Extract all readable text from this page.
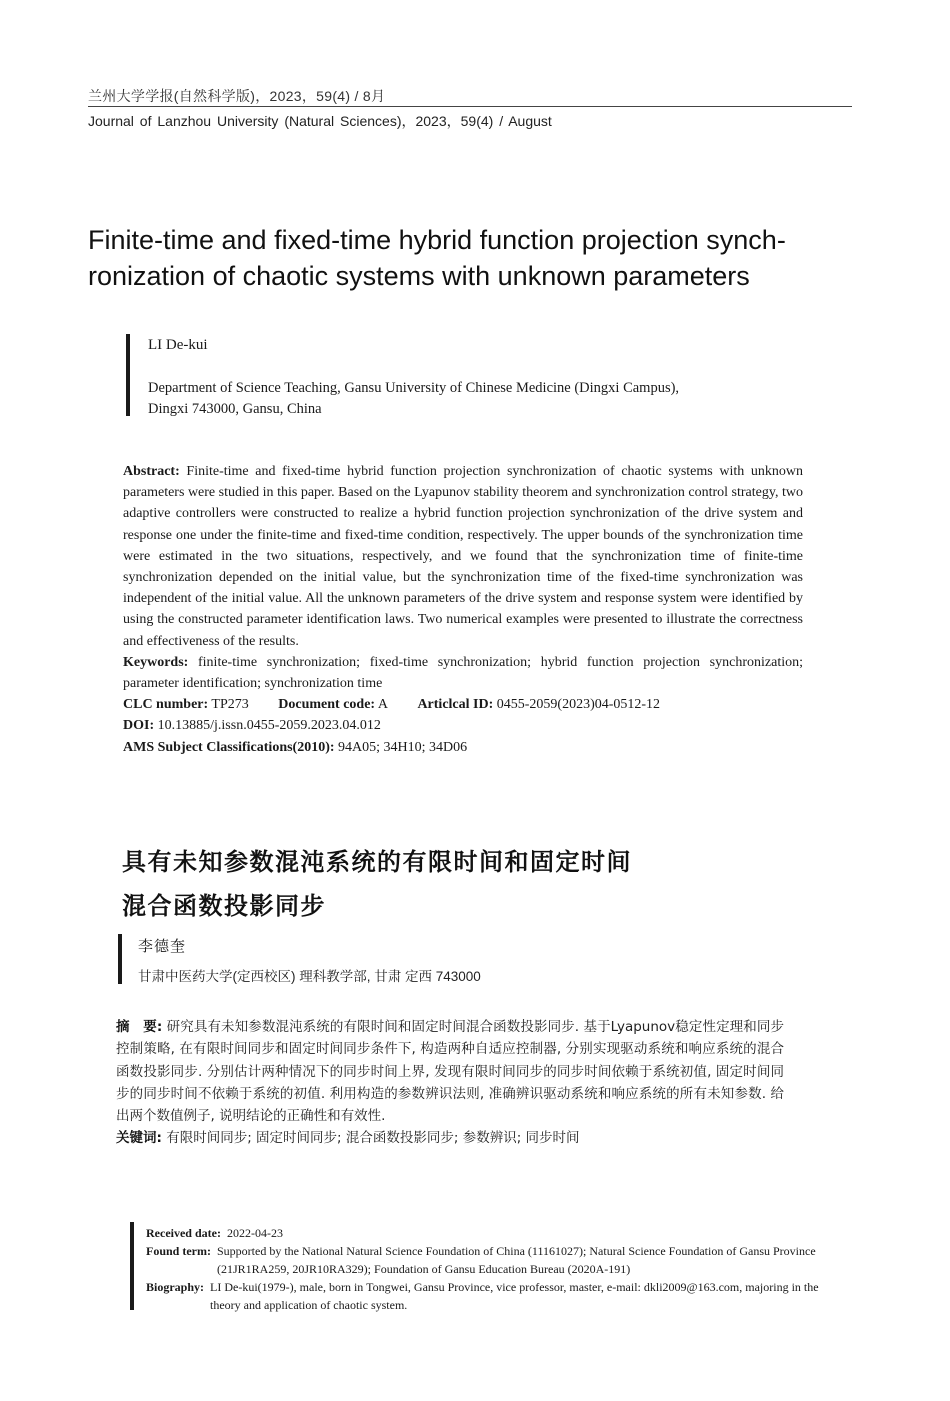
兰州大学学报(自然科学版)，2023，59(4) / 8月
Journal of Lanzhou University (Natural Sciences)，2023，59(4) / August
Finite-time and fixed-time hybrid function projection synch-
ronization of chaotic systems with unknown parameters
LI De-kui
Department of Science Teaching, Gansu University of Chinese Medicine (Dingxi Campus),
Dingxi 743000, Gansu, China

Abstract: Finite-time and fixed-time hybrid function projection synchronization of chaotic systems with unknown parameters were studied in this paper. Based on the Lyapunov stability theorem and synchronization control strategy, two adaptive controllers were constructed to realize a hybrid function projection synchronization of the drive system and response one under the finite-time and fixed-time condition, respectively. The upper bounds of the synchronization time were estimated in the two situations, respectively, and we found that the synchronization time of finite-time synchronization depended on the initial value, but the synchronization time of the fixed-time synchronization was independent of the initial value. All the unknown parameters of the drive system and response system were identified by using the constructed parameter identification laws. Two numerical examples were presented to illustrate the correctness and effectiveness of the results.

Keywords: finite-time synchronization; fixed-time synchronization; hybrid function projection synchronization; parameter identification; synchronization time

CLC number: TP273 Document code: A Articlcal ID: 0455-2059(2023)04-0512-12

DOI: 10.13885/j.issn.0455-2059.2023.04.012

AMS Subject Classifications(2010): 94A05; 34H10; 34D06

具有未知参数混沌系统的有限时间和固定时间
混合函数投影同步
李德奎
甘肃中医药大学(定西校区) 理科教学部, 甘肃 定西 743000

摘　要: 研究具有未知参数混沌系统的有限时间和固定时间混合函数投影同步. 基于Lyapunov稳定性定理和同步控制策略, 在有限时间同步和固定时间同步条件下, 构造两种自适应控制器, 分别实现驱动系统和响应系统的混合函数投影同步. 分别估计两种情况下的同步时间上界, 发现有限时间同步的同步时间依赖于系统初值, 固定时间同步的同步时间不依赖于系统的初值. 利用构造的参数辨识法则, 准确辨识驱动系统和响应系统的所有未知参数. 给出两个数值例子, 说明结论的正确性和有效性.

关键词: 有限时间同步; 固定时间同步; 混合函数投影同步; 参数辨识; 同步时间

Received date: 2022-04-23
Found term: Supported by the National Natural Science Foundation of China (11161027); Natural Science Foundation of Gansu Province (21JR1RA259, 20JR10RA329); Foundation of Gansu Education Bureau (2020A-191)
Biography: LI De-kui(1979-), male, born in Tongwei, Gansu Province, vice professor, master, e-mail: dkli2009@163.com, majoring in the theory and application of chaotic system.
